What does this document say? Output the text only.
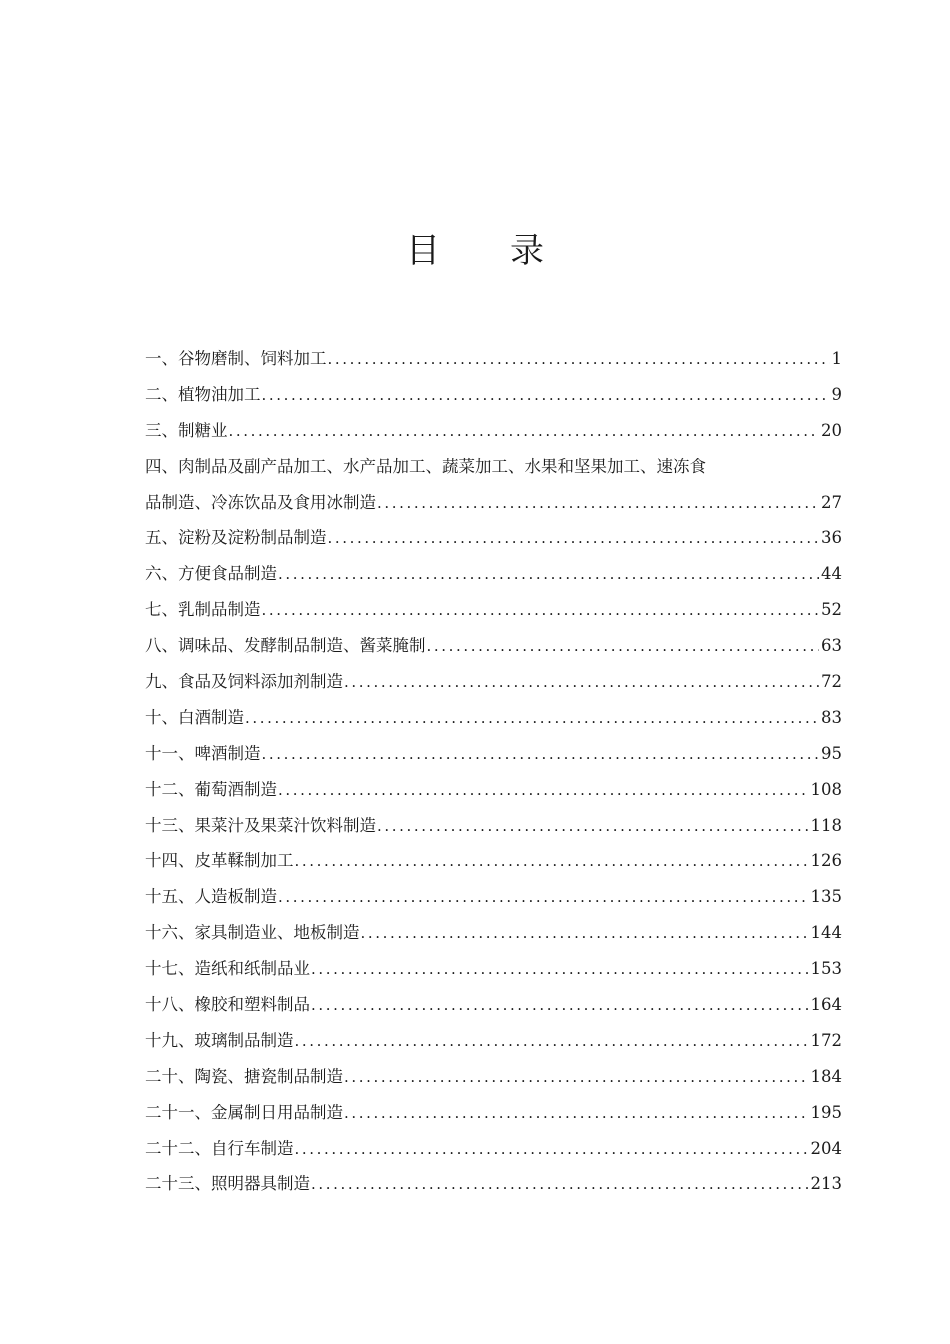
目 录
一、谷物磨制、饲料加工 .....	1
二、植物油加工 .....	9
三、制糖业 .....	20
四、肉制品及副产品加工、水产品加工、蔬菜加工、水果和坚果加工、速冻食
品制造、冷冻饮品及食用冰制造 .....	27
五、淀粉及淀粉制品制造 .....	36
六、方便食品制造 .....	44
七、乳制品制造 .....	52
八、调味品、发酵制品制造、酱菜腌制 .....	63
九、食品及饲料添加剂制造 .....	72
十、白酒制造 .....	83
十一、啤酒制造 .....	95
十二、葡萄酒制造 .....	108
十三、果菜汁及果菜汁饮料制造 .....	118
十四、皮革鞣制加工 .....	126
十五、人造板制造 .....	135
十六、家具制造业、地板制造 .....	144
十七、造纸和纸制品业 .....	153
十八、橡胶和塑料制品 .....	164
十九、玻璃制品制造 .....	172
二十、陶瓷、搪瓷制品制造 .....	184
二十一、金属制日用品制造 .....	195
二十二、自行车制造 .....	204
二十三、照明器具制造 .....	213
